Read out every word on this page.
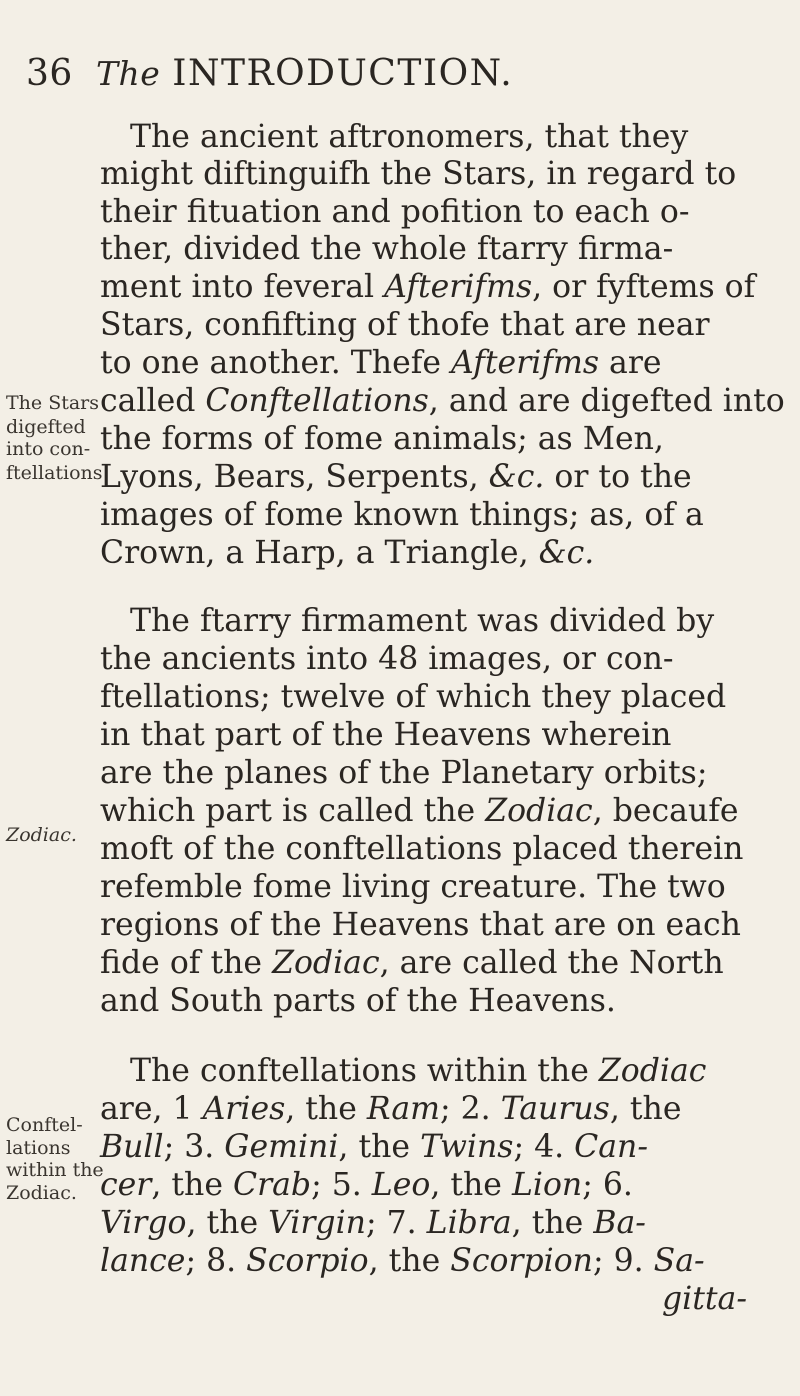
36 The INTRODUCTION.
The Stars
digefted
into con-
ftellations
Zodiac.
Conftel-
lations
within the
Zodiac.
The ancient aftronomers, that they
might diftinguifh the Stars, in regard to
their fituation and pofition to each o-
ther, divided the whole ftarry firma-
ment into feveral Afterifms, or fyftems of
Stars, confifting of thofe that are near
to one another. Thefe Afterifms are
called Conftellations, and are digefted into
the forms of fome animals; as Men,
Lyons, Bears, Serpents, &c. or to the
images of fome known things; as, of a
Crown, a Harp, a Triangle, &c.
The ftarry firmament was divided by
the ancients into 48 images, or con-
ftellations; twelve of which they placed
in that part of the Heavens wherein
are the planes of the Planetary orbits;
which part is called the Zodiac, becaufe
moft of the conftellations placed therein
refemble fome living creature. The two
regions of the Heavens that are on each
fide of the Zodiac, are called the North
and South parts of the Heavens.
The conftellations within the Zodiac
are, 1 Aries, the Ram; 2. Taurus, the
Bull; 3. Gemini, the Twins; 4. Can-
cer, the Crab; 5. Leo, the Lion; 6.
Virgo, the Virgin; 7. Libra, the Ba-
lance; 8. Scorpio, the Scorpion; 9. Sa-
gitta-
